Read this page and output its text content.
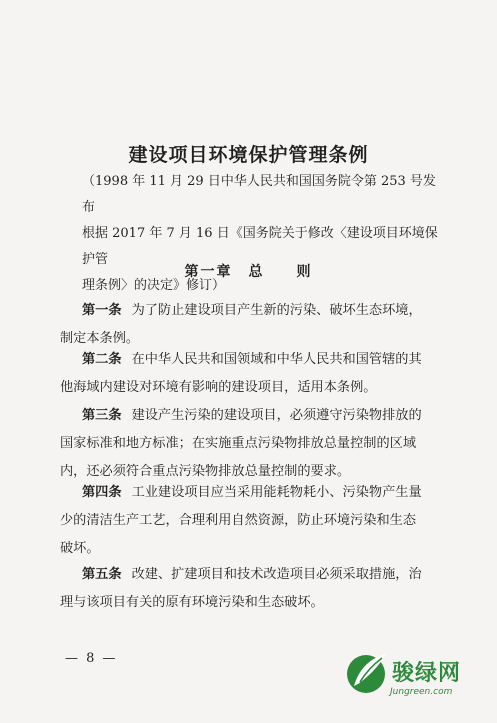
建设项目环境保护管理条例
（1998 年 11 月 29 日中华人民共和国国务院令第 253 号发布
根据 2017 年 7 月 16 日《国务院关于修改〈建设项目环境保护管
理条例〉的决定》修订）
第一章　总　　则
第一条 为了防止建设项目产生新的污染、破坏生态环境，
制定本条例。
第二条 在中华人民共和国领域和中华人民共和国管辖的其
他海域内建设对环境有影响的建设项目，适用本条例。
第三条 建设产生污染的建设项目，必须遵守污染物排放的
国家标准和地方标准；在实施重点污染物排放总量控制的区域
内，还必须符合重点污染物排放总量控制的要求。
第四条 工业建设项目应当采用能耗物耗小、污染物产生量
少的清洁生产工艺，合理利用自然资源，防止环境污染和生态
破坏。
第五条 改建、扩建项目和技术改造项目必须采取措施，治
理与该项目有关的原有环境污染和生态破坏。
— 8 —
骏绿网
Jungreen.com
